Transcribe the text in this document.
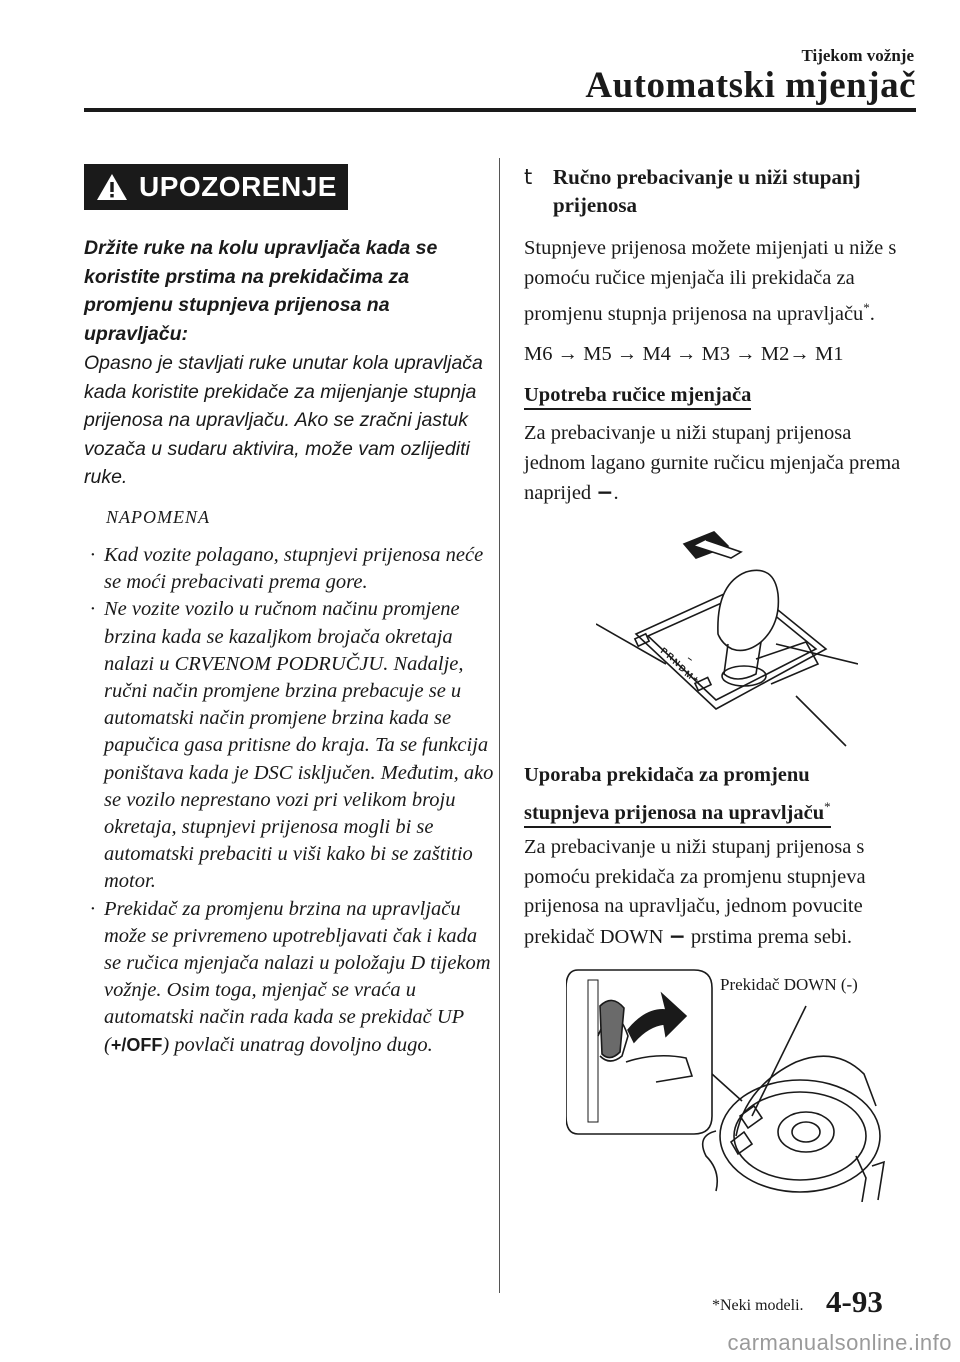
Tijekom vožnje
Automatski mjenjač
UPOZORENJE
Držite ruke na kolu upravljača kada se koristite prstima na prekidačima za promjenu stupnjeva prijenosa na upravljaču:
Opasno je stavljati ruke unutar kola upravljača kada koristite prekidače za mijenjanje stupnja prijenosa na upravljaču. Ako se zračni jastuk vozača u sudaru aktivira, može vam ozlijediti ruke.
NAPOMENA
· Kad vozite polagano, stupnjevi prijenosa neće se moći prebacivati prema gore.
· Ne vozite vozilo u ručnom načinu promjene brzina kada se kazaljkom brojača okretaja nalazi u CRVENOM PODRUČJU. Nadalje, ručni način promjene brzina prebacuje se u automatski način promjene brzina kada se papučica gasa pritisne do kraja. Ta se funkcija poništava kada je DSC isključen. Međutim, ako se vozilo neprestano vozi pri velikom broju okretaja, stupnjevi prijenosa mogli bi se automatski prebaciti u viši kako bi se zaštitio motor.
· Prekidač za promjenu brzina na upravljaču može se privremeno upotrebljavati čak i kada se ručica mjenjača nalazi u položaju D tijekom vožnje. Osim toga, mjenjač se vraća u automatski način rada kada se prekidač UP (+/OFF) povlači unatrag dovoljno dugo.
t Ručno prebacivanje u niži stupanj prijenosa
Stupnjeve prijenosa možete mijenjati u niže s pomoću ručice mjenjača ili prekidača za promjenu stupnja prijenosa na upravljaču*.
M6 → M5 → M4 → M3 → M2→ M1
Upotreba ručice mjenjača
Za prebacivanje u niži stupanj prijenosa jednom lagano gurnite ručicu mjenjača prema naprijed −.
P
R
N
D
M
+
−
Uporaba prekidača za promjenu
stupnjeva prijenosa na upravljaču*
Za prebacivanje u niži stupanj prijenosa s pomoću prekidača za promjenu stupnjeva prijenosa na upravljaču, jednom povucite prekidač DOWN − prstima prema sebi.
Prekidač DOWN (-)
*Neki modeli. 4-93
carmanualsonline.info
